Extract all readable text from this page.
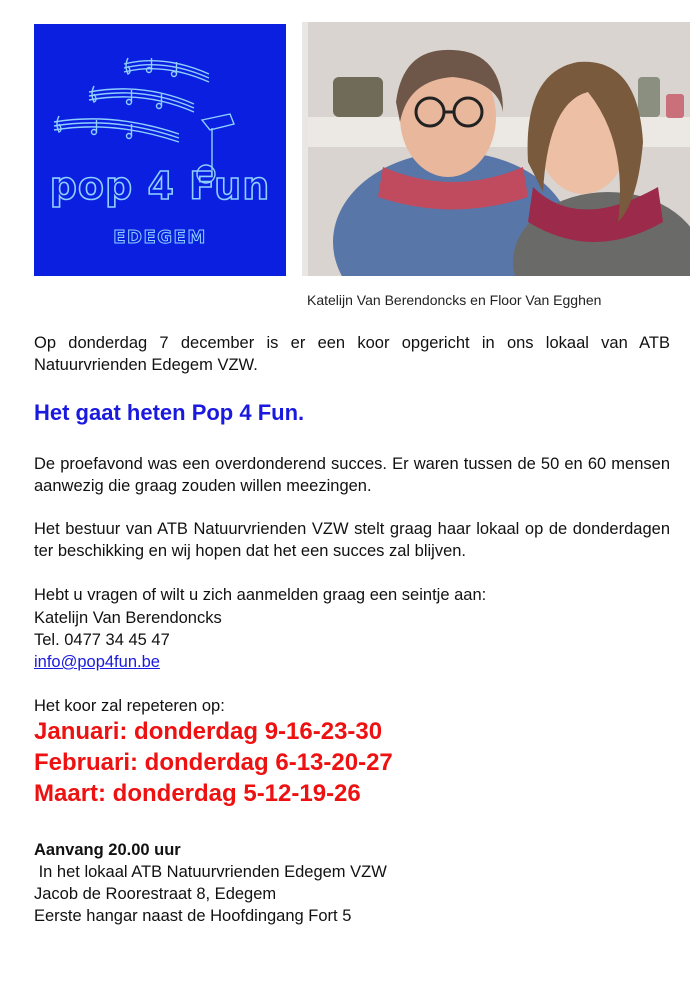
pop 4 Fun
EDEGEM
Katelijn Van Berendoncks en Floor Van Egghen

Op donderdag 7 december is er een koor opgericht in ons lokaal van ATB Natuurvrienden Edegem VZW.

Het gaat heten Pop 4 Fun.

De proefavond was een overdonderend succes. Er waren tussen de 50 en 60 mensen aanwezig die graag zouden willen meezingen.

Het bestuur van ATB Natuurvrienden VZW stelt graag haar lokaal op de donderdagen ter beschikking en wij hopen dat het een succes zal blijven.

Hebt u vragen of wilt u zich aanmelden graag een seintje aan:

Katelijn Van Berendoncks

Tel. 0477 34 45 47

info@pop4fun.be

Het koor zal repeteren op:

Januari: donderdag 9-16-23-30

Februari: donderdag 6-13-20-27

Maart: donderdag 5-12-19-26

Aanvang 20.00 uur

In het lokaal ATB Natuurvrienden Edegem VZW

Jacob de Roorestraat 8, Edegem

Eerste hangar naast de Hoofdingang Fort 5
